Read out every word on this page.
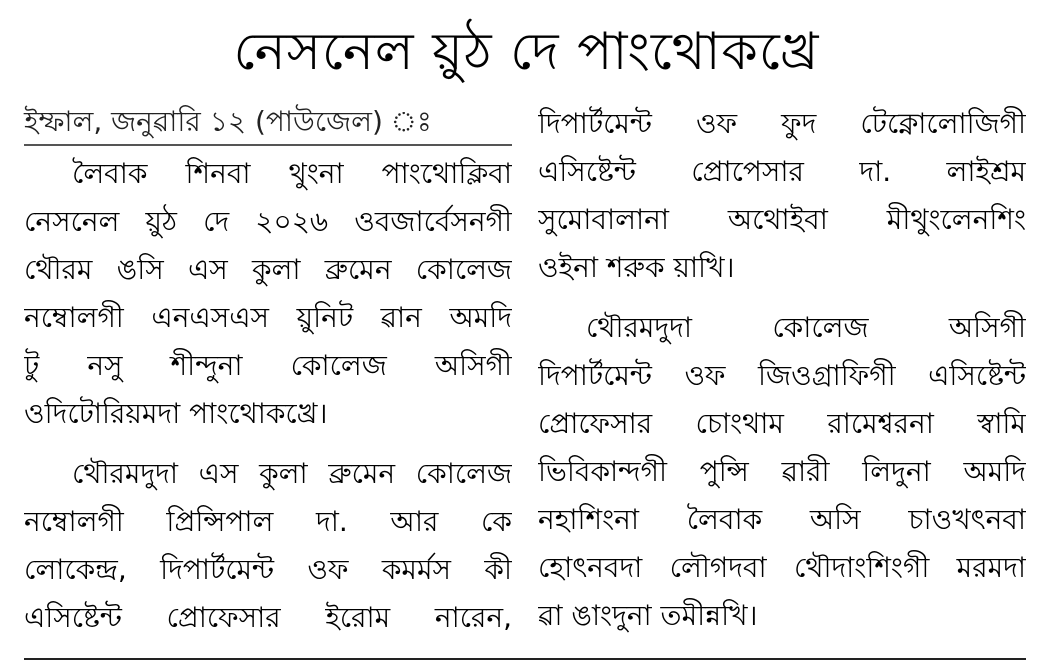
নেসনেল য়ুঠ দে পাংথোকখ্রে
ইম্ফাল, জনুৱারি ১২ (পাউজেল) ঃ
লৈবাক শিনবা থুংনা পাংথোক্লিবা
নেসনেল য়ুঠ দে ২০২৬ ওবজার্বেসনগী
থৌরম ঙসি এস কুলা ব্রুমেন কোলেজ
নম্বোলগী এনএসএস য়ুনিট ৱান অমদি
টু নসু শীন্দুনা কোলেজ অসিগী
ওদিটোরিয়মদা পাংথোকখ্রে।
থৌরমদুদা এস কুলা ব্রুমেন কোলেজ
নম্বোলগী প্রিন্সিপাল দা. আর কে
লোকেন্দ্র, দিপার্টমেন্ট ওফ কমর্মস কী
এসিষ্টেন্ট প্রোফেসার ইরোম নারেন,
দিপার্টমেন্ট ওফ ফুদ টেক্নোলোজিগী
এসিষ্টেন্ট প্রোপেসার দা. লাইশ্রম
সুমোবালানা অথোইবা মীথুংলেনশিং
ওইনা শরুক য়াখি।
থৌরমদুদা কোলেজ অসিগী
দিপার্টমেন্ট ওফ জিওগ্রাফিগী এসিষ্টেন্ট
প্রোফেসার চোংথাম রামেশ্বরনা স্বামি
ভিবিকান্দগী পুন্সি ৱারী লিদুনা অমদি
নহাশিংনা লৈবাক অসি চাওখৎনবা
হোৎনবদা লৌগদবা থৌদাংশিংগী মরমদা
ৱা ঙাংদুনা তমীন্নখি।
